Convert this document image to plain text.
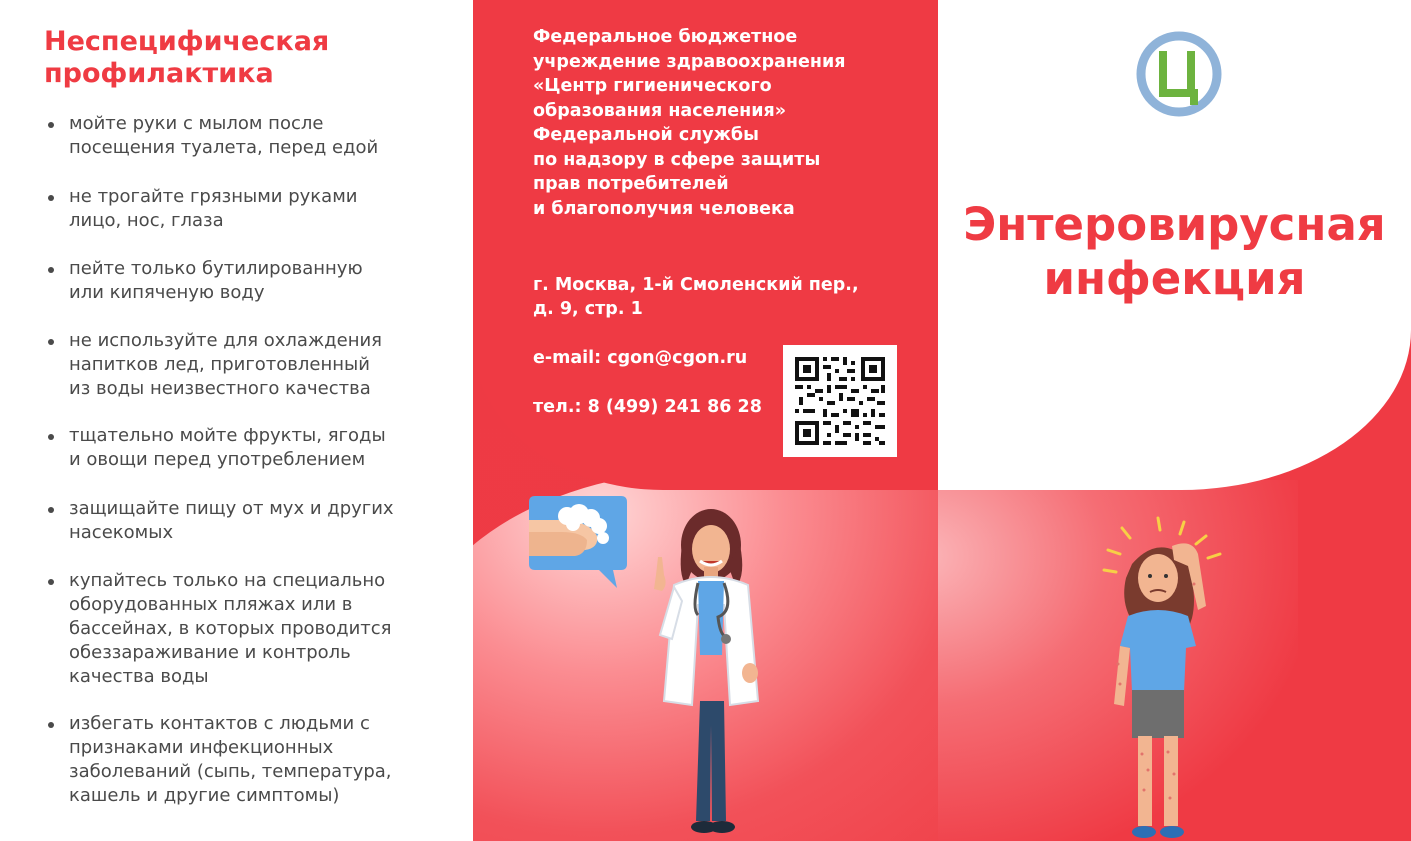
Неспецифическая
профилактика
мойте руки с мылом после
посещения туалета, перед едой
не трогайте грязными руками
лицо, нос, глаза
пейте только бутилированную
или кипяченую воду
не используйте для охлаждения
напитков лед, приготовленный
из воды неизвестного качества
тщательно мойте фрукты, ягоды
и овощи перед употреблением
защищайте пищу от мух и других
насекомых
купайтесь только на специально
оборудованных пляжах или в
бассейнах, в которых проводится
обеззараживание и контроль
качества воды
избегать контактов с людьми с
признаками инфекционных
заболеваний (сыпь, температура,
кашель и другие симптомы)

Федеральное бюджетное
учреждение здравоохранения
«Центр гигиенического
образования населения»
Федеральной службы
по надзору в сфере защиты
прав потребителей
и благополучия человека

г. Москва, 1-й Смоленский пер.,
д. 9, стр. 1

e-mail: cgon@cgon.ru

тел.: 8 (499) 241 86 28

Энтеровирусная
инфекция
